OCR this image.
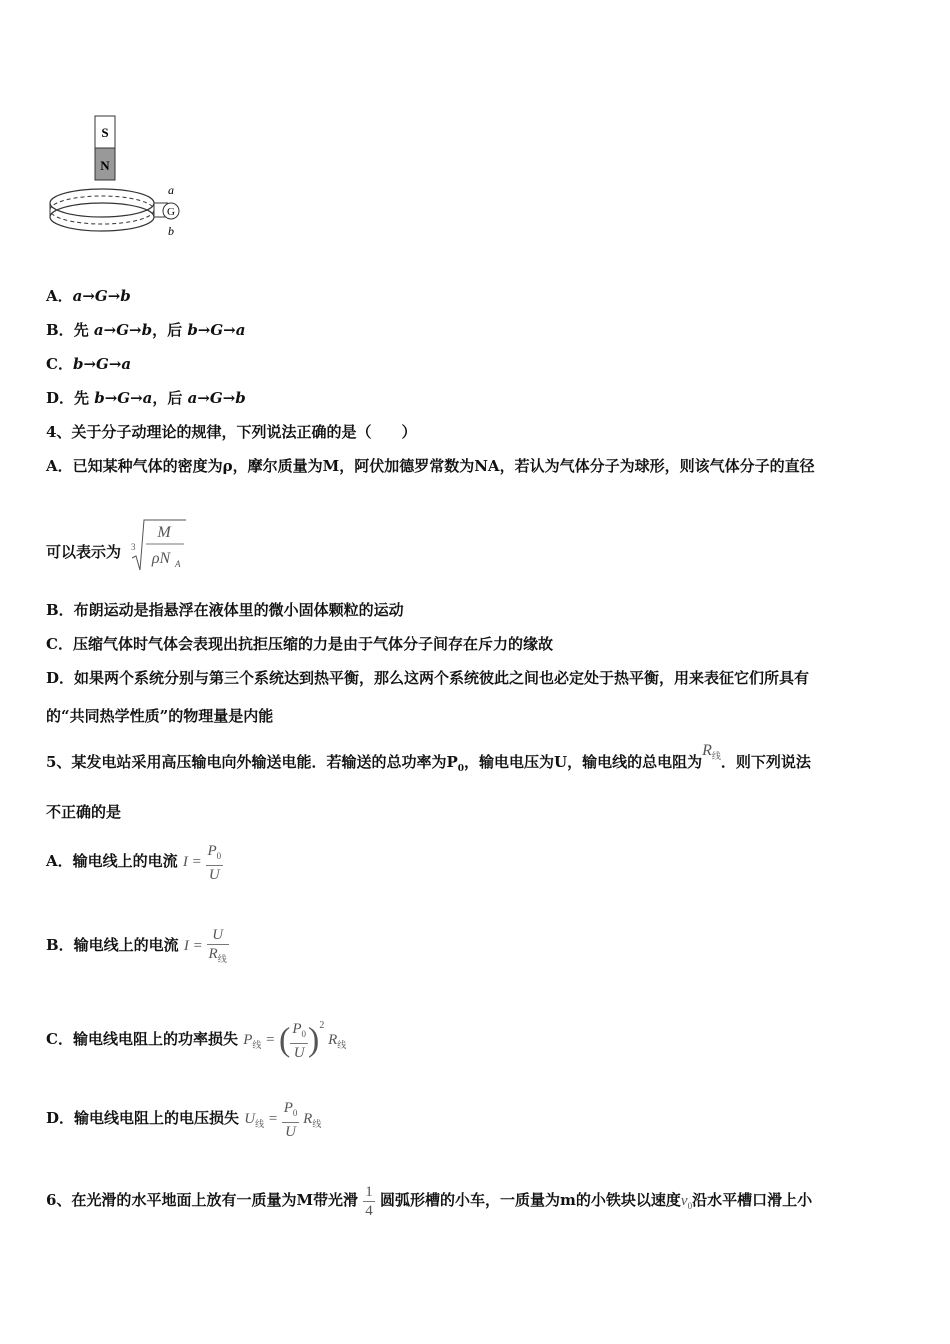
S
N
G
a
b
A．a→G→b
B．先 a→G→b，后 b→G→a
C．b→G→a
D．先 b→G→a，后 a→G→b
4、关于分子动理论的规律，下列说法正确的是（　　）
A．已知某种气体的密度为ρ，摩尔质量为M，阿伏加德罗常数为NA，若认为气体分子为球形，则该气体分子的直径
可以表示为 3
M
ρN A
B．布朗运动是指悬浮在液体里的微小固体颗粒的运动
C．压缩气体时气体会表现出抗拒压缩的力是由于气体分子间存在斥力的缘故
D．如果两个系统分别与第三个系统达到热平衡，那么这两个系统彼此之间也必定处于热平衡，用来表征它们所具有
的“共同热学性质”的物理量是内能
5、某发电站采用高压输电向外输送电能．若输送的总功率为$P_0$，输电电压为U，输电线的总电阻为$R_线$．则下列说法
不正确的是
A．输电线上的电流 $I = \frac{P_0}{U}$
B．输电线上的电流 $I = \frac{U}{R_线}$
C．输电线电阻上的功率损失 $P_线$ = ( $\frac{P_0}{U} )^2$ $R_线$
D．输电线电阻上的电压损失 $U_线 = \frac{P_0}{U} R_线$
6、在光滑的水平地面上放有一质量为M带光滑 $\frac{1}{4}$ 圆弧形槽的小车，一质量为m的小铁块以速度$v_0$沿水平槽口滑上小
